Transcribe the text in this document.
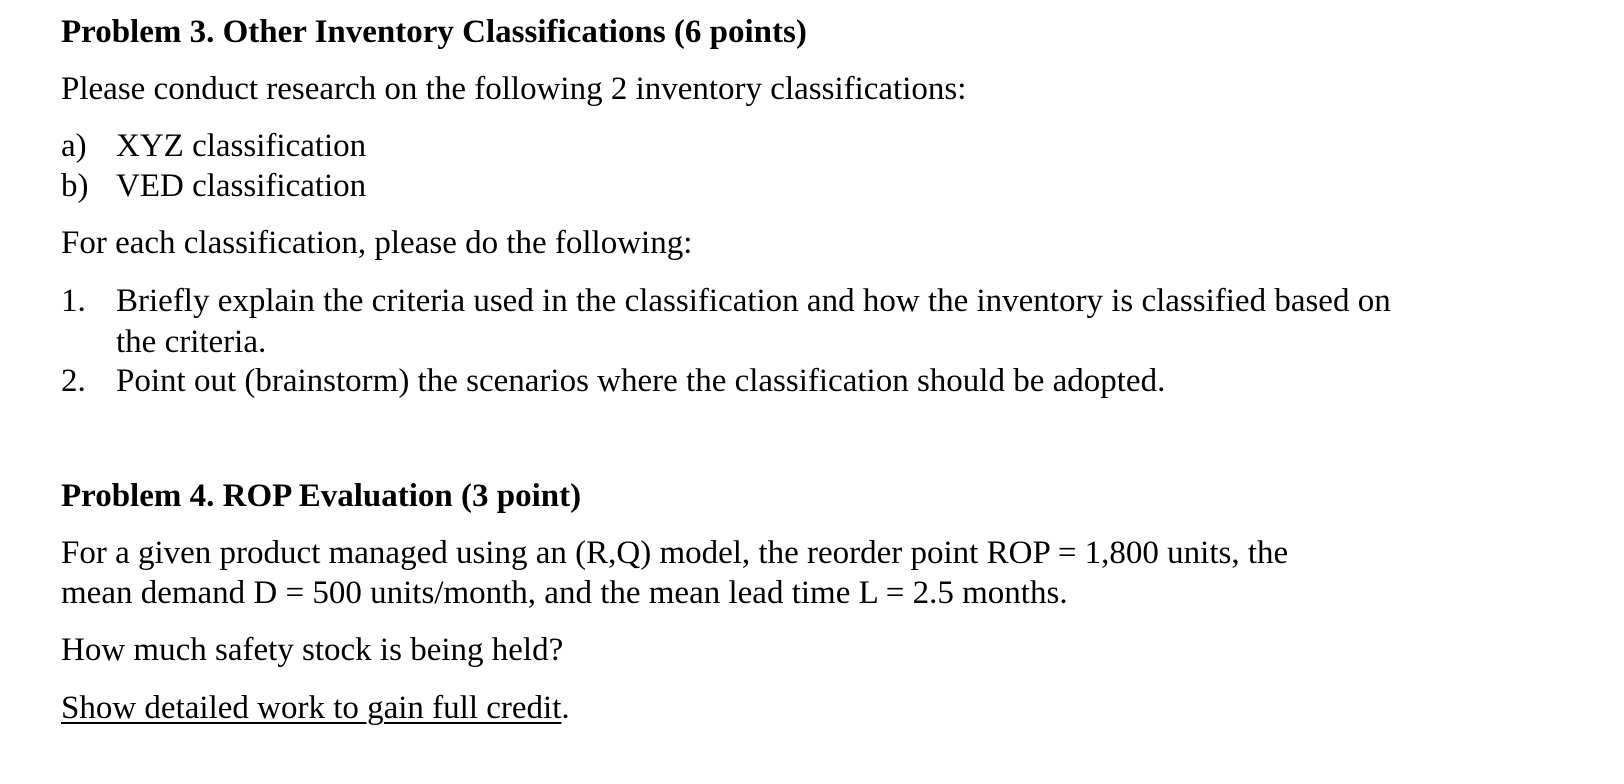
Problem 3. Other Inventory Classifications (6 points)
Please conduct research on the following 2 inventory classifications:
a) XYZ classification
b) VED classification
For each classification, please do the following:
1. Briefly explain the criteria used in the classification and how the inventory is classified based on the criteria.
2. Point out (brainstorm) the scenarios where the classification should be adopted.
Problem 4. ROP Evaluation (3 point)
For a given product managed using an (R,Q) model, the reorder point ROP = 1,800 units, the
mean demand D = 500 units/month, and the mean lead time L = 2.5 months.
How much safety stock is being held?
Show detailed work to gain full credit.
